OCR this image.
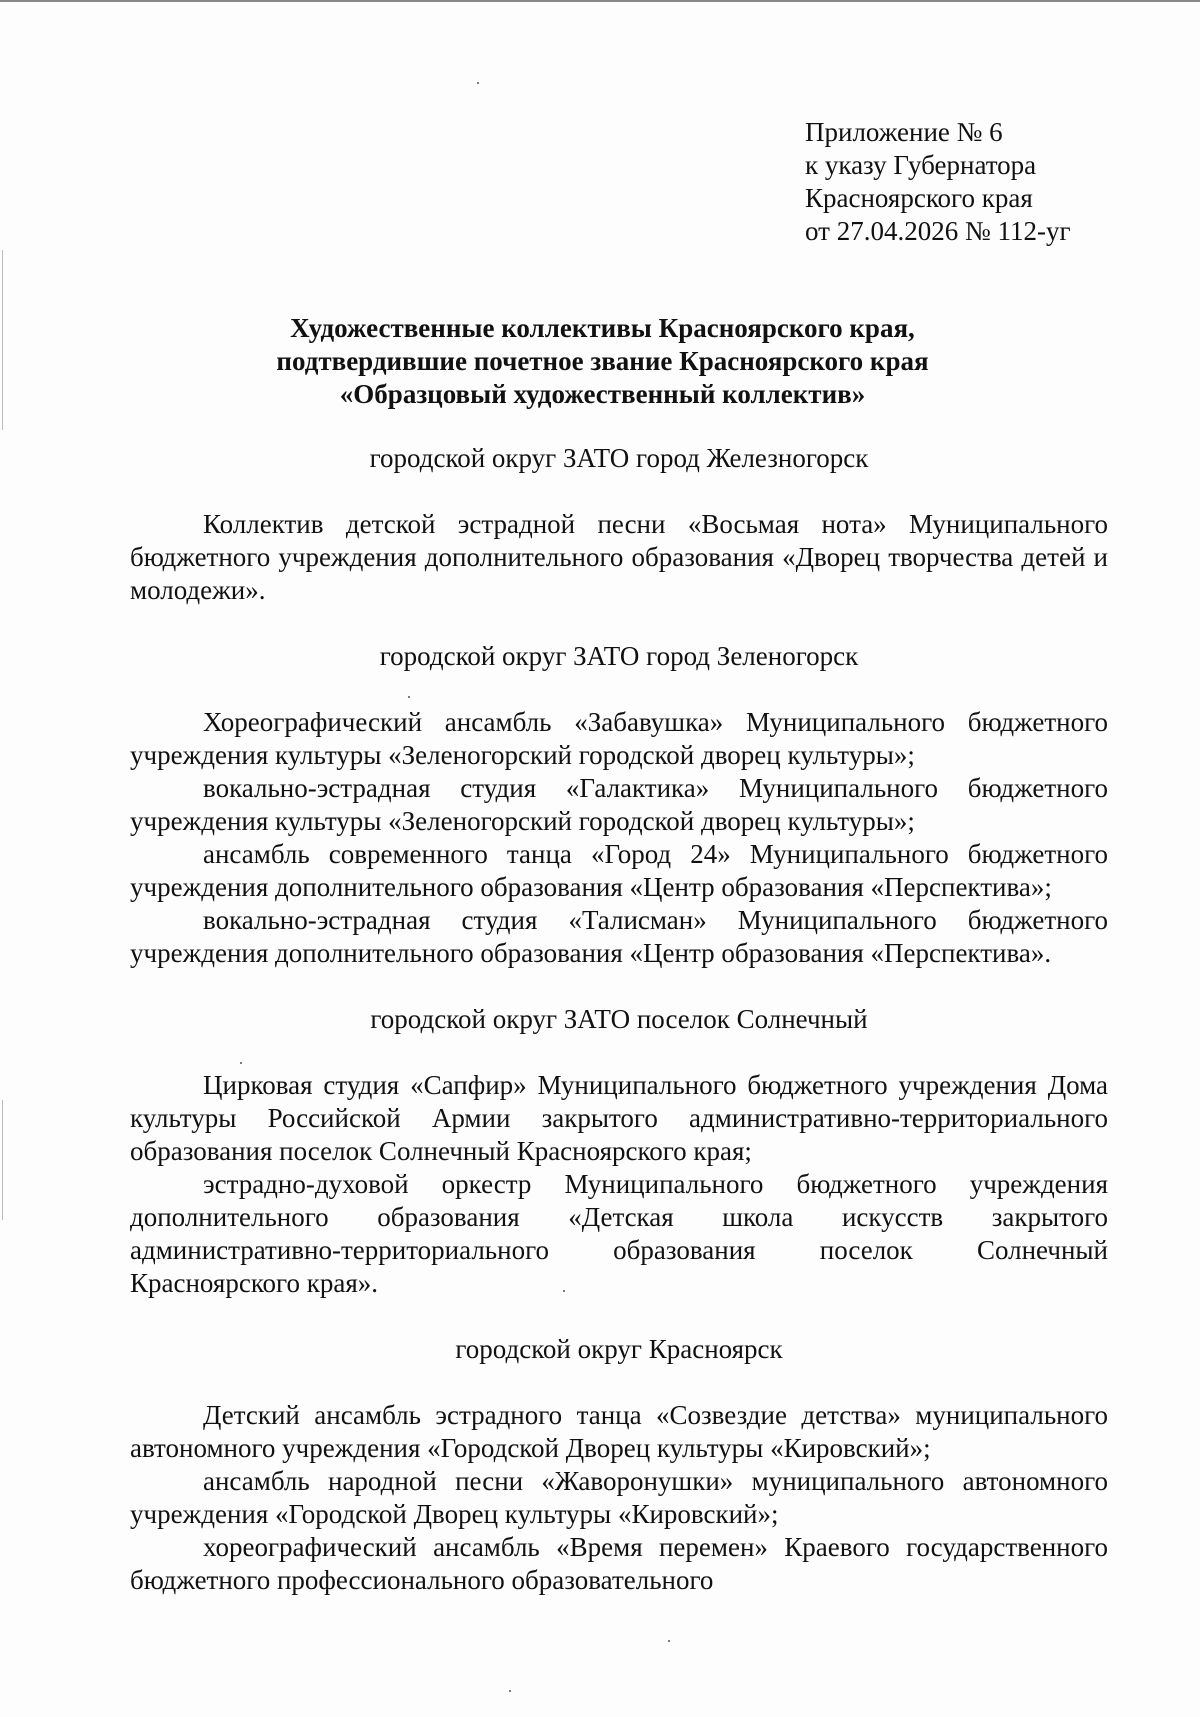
Приложение № 6
к указу Губернатора
Красноярского края
от 27.04.2026 № 112-уг
Художественные коллективы Красноярского края,
подтвердившие почетное звание Красноярского края
«Образцовый художественный коллектив»
городской округ ЗАТО город Железногорск
Коллектив детской эстрадной песни «Восьмая нота» Муниципального бюджетного учреждения дополнительного образования «Дворец творчества детей и молодежи».
городской округ ЗАТО город Зеленогорск
Хореографический ансамбль «Забавушка» Муниципального бюджетного учреждения культуры «Зеленогорский городской дворец культуры»;
вокально-эстрадная студия «Галактика» Муниципального бюджетного учреждения культуры «Зеленогорский городской дворец культуры»;
ансамбль современного танца «Город 24» Муниципального бюджетного учреждения дополнительного образования «Центр образования «Перспектива»;
вокально-эстрадная студия «Талисман» Муниципального бюджетного учреждения дополнительного образования «Центр образования «Перспектива».
городской округ ЗАТО поселок Солнечный
Цирковая студия «Сапфир» Муниципального бюджетного учреждения Дома культуры Российской Армии закрытого административно-территориального образования поселок Солнечный Красноярского края;
эстрадно-духовой оркестр Муниципального бюджетного учреждения дополнительного образования «Детская школа искусств закрытого административно-территориального образования поселок Солнечный Красноярского края».
городской округ Красноярск
Детский ансамбль эстрадного танца «Созвездие детства» муниципального автономного учреждения «Городской Дворец культуры «Кировский»;
ансамбль народной песни «Жаворонушки» муниципального автономного учреждения «Городской Дворец культуры «Кировский»;
хореографический ансамбль «Время перемен» Краевого государственного бюджетного профессионального образовательного
